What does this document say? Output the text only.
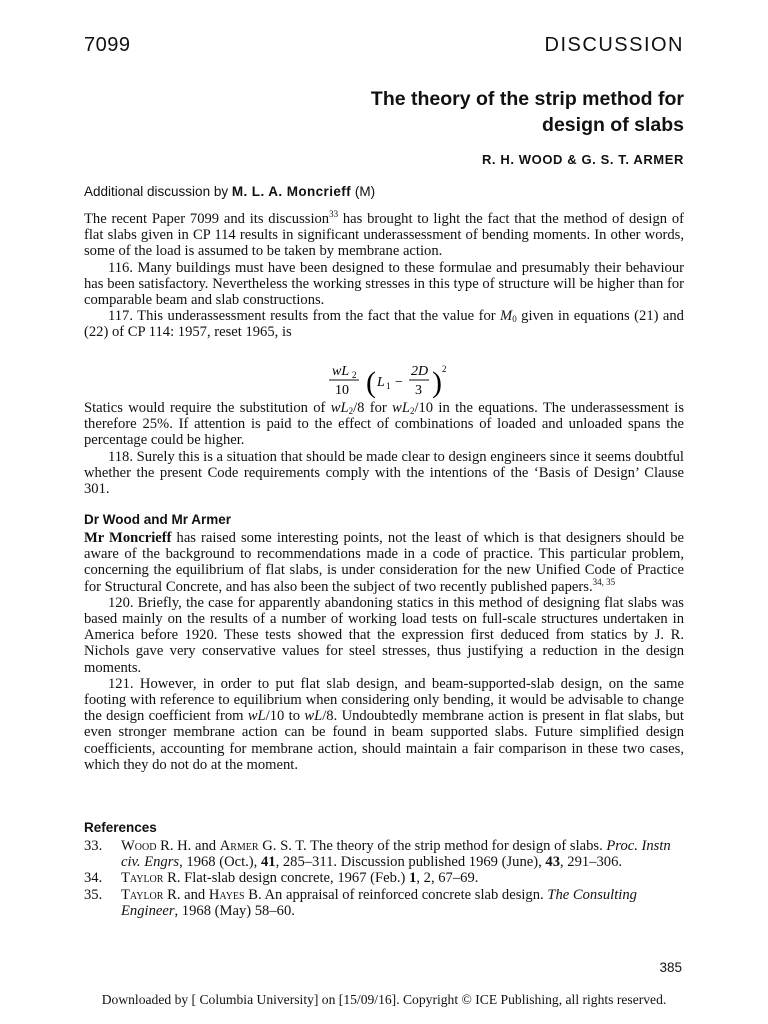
7099	DISCUSSION
The theory of the strip method for
design of slabs
R. H. WOOD & G. S. T. ARMER
Additional discussion by M. L. A. Moncrieff (M)

The recent Paper 7099 and its discussion$^{33}$ has brought to light the fact that the method of design of flat slabs given in CP 114 results in significant underassessment of bending moments. In other words, some of the load is assumed to be taken by membrane action.

116. Many buildings must have been designed to these formulae and presumably their behaviour has been satisfactory. Nevertheless the working stresses in this type of structure will be higher than for comparable beam and slab constructions.

117. This underassessment results from the fact that the value for $M_0$ given in equations (21) and (22) of CP 114: 1957, reset 1965, is

wL 2
10 ( L 1 −
2D
3 ) 2

Statics would require the substitution of $wL_2/8$ for $wL_2/10$ in the equations. The underassessment is therefore 25%. If attention is paid to the effect of combinations of loaded and unloaded spans the percentage could be higher.

118. Surely this is a situation that should be made clear to design engineers since it seems doubtful whether the present Code requirements comply with the intentions of the ‘Basis of Design’ Clause 301.

Dr Wood and Mr Armer

Mr Moncrieff has raised some interesting points, not the least of which is that designers should be aware of the background to recommendations made in a code of practice. This particular problem, concerning the equilibrium of flat slabs, is under consideration for the new Unified Code of Practice for Structural Concrete, and has also been the subject of two recently published papers.$^{34, 35}$

120. Briefly, the case for apparently abandoning statics in this method of designing flat slabs was based mainly on the results of a number of working load tests on full-scale structures undertaken in America before 1920. These tests showed that the expression first deduced from statics by J. R. Nichols gave very conservative values for steel stresses, thus justifying a reduction in the design moments.

121. However, in order to put flat slab design, and beam-supported-slab design, on the same footing with reference to equilibrium when considering only bending, it would be advisable to change the design coefficient from wL/10 to wL/8. Undoubtedly membrane action is present in flat slabs, but even stronger membrane action can be found in beam supported slabs. Future simplified design coefficients, accounting for membrane action, should maintain a fair comparison in these two cases, which they do not do at the moment.

References
33. Wood R. H. and Armer G. S. T. The theory of the strip method for design of slabs. Proc. Instn civ. Engrs, 1968 (Oct.), 41, 285–311. Discussion published 1969 (June), 43, 291–306.
34. Taylor R. Flat-slab design concrete, 1967 (Feb.) 1, 2, 67–69.
35. Taylor R. and Hayes B. An appraisal of reinforced concrete slab design. The Consulting Engineer, 1968 (May) 58–60.
385
Downloaded by [ Columbia University] on [15/09/16]. Copyright © ICE Publishing, all rights reserved.
